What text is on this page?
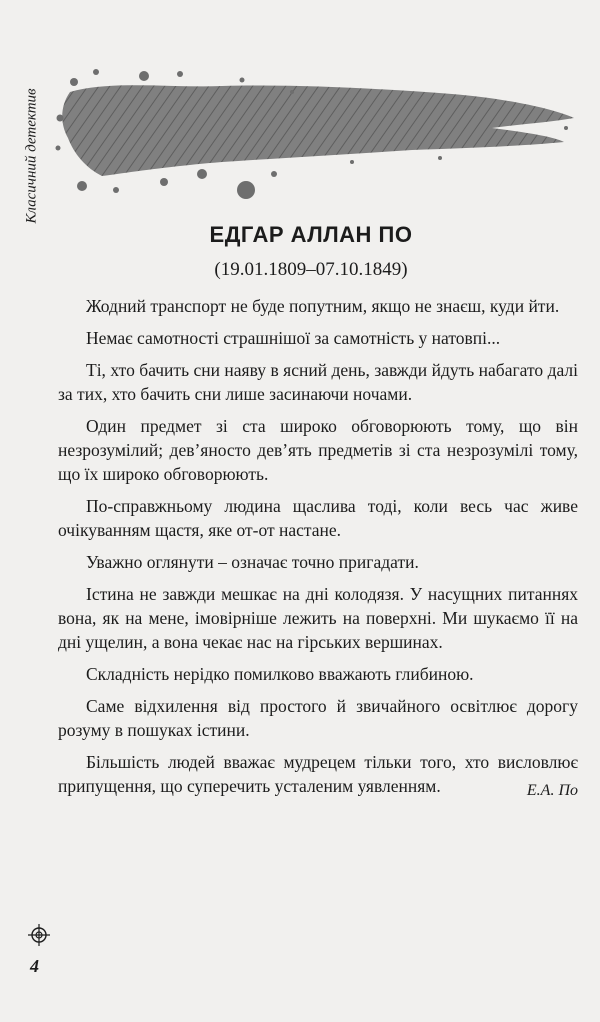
Класичний детектив
ЕДГАР АЛЛАН ПО
(19.01.1809–07.10.1849)

Жодний транспорт не буде попутним, якщо не знаєш, куди йти.

Немає самотності страшнішої за самотність у натовпі...

Ті, хто бачить сни наяву в ясний день, завжди йдуть набагато далі за тих, хто бачить сни лише засинаючи ночами.

Один предмет зі ста широко обговорюють тому, що він незрозумілий; дев’яносто дев’ять предметів зі ста незрозумілі тому, що їх широко обговорюють.

По-справжньому людина щаслива тоді, коли весь час живе очікуванням щастя, яке от-от настане.

Уважно оглянути – означає точно пригадати.

Істина не завжди мешкає на дні колодязя. У насущних питаннях вона, як на мене, імовірніше лежить на поверхні. Ми шукаємо її на дні ущелин, а вона чекає нас на гірських вершинах.

Складність нерідко помилково вважають глибиною.

Саме відхилення від простого й звичайного освітлює дорогу розуму в пошуках істини.

Більшість людей вважає мудрецем тільки того, хто висловлює припущення, що суперечить усталеним уявленням.	Е.А. По
4
